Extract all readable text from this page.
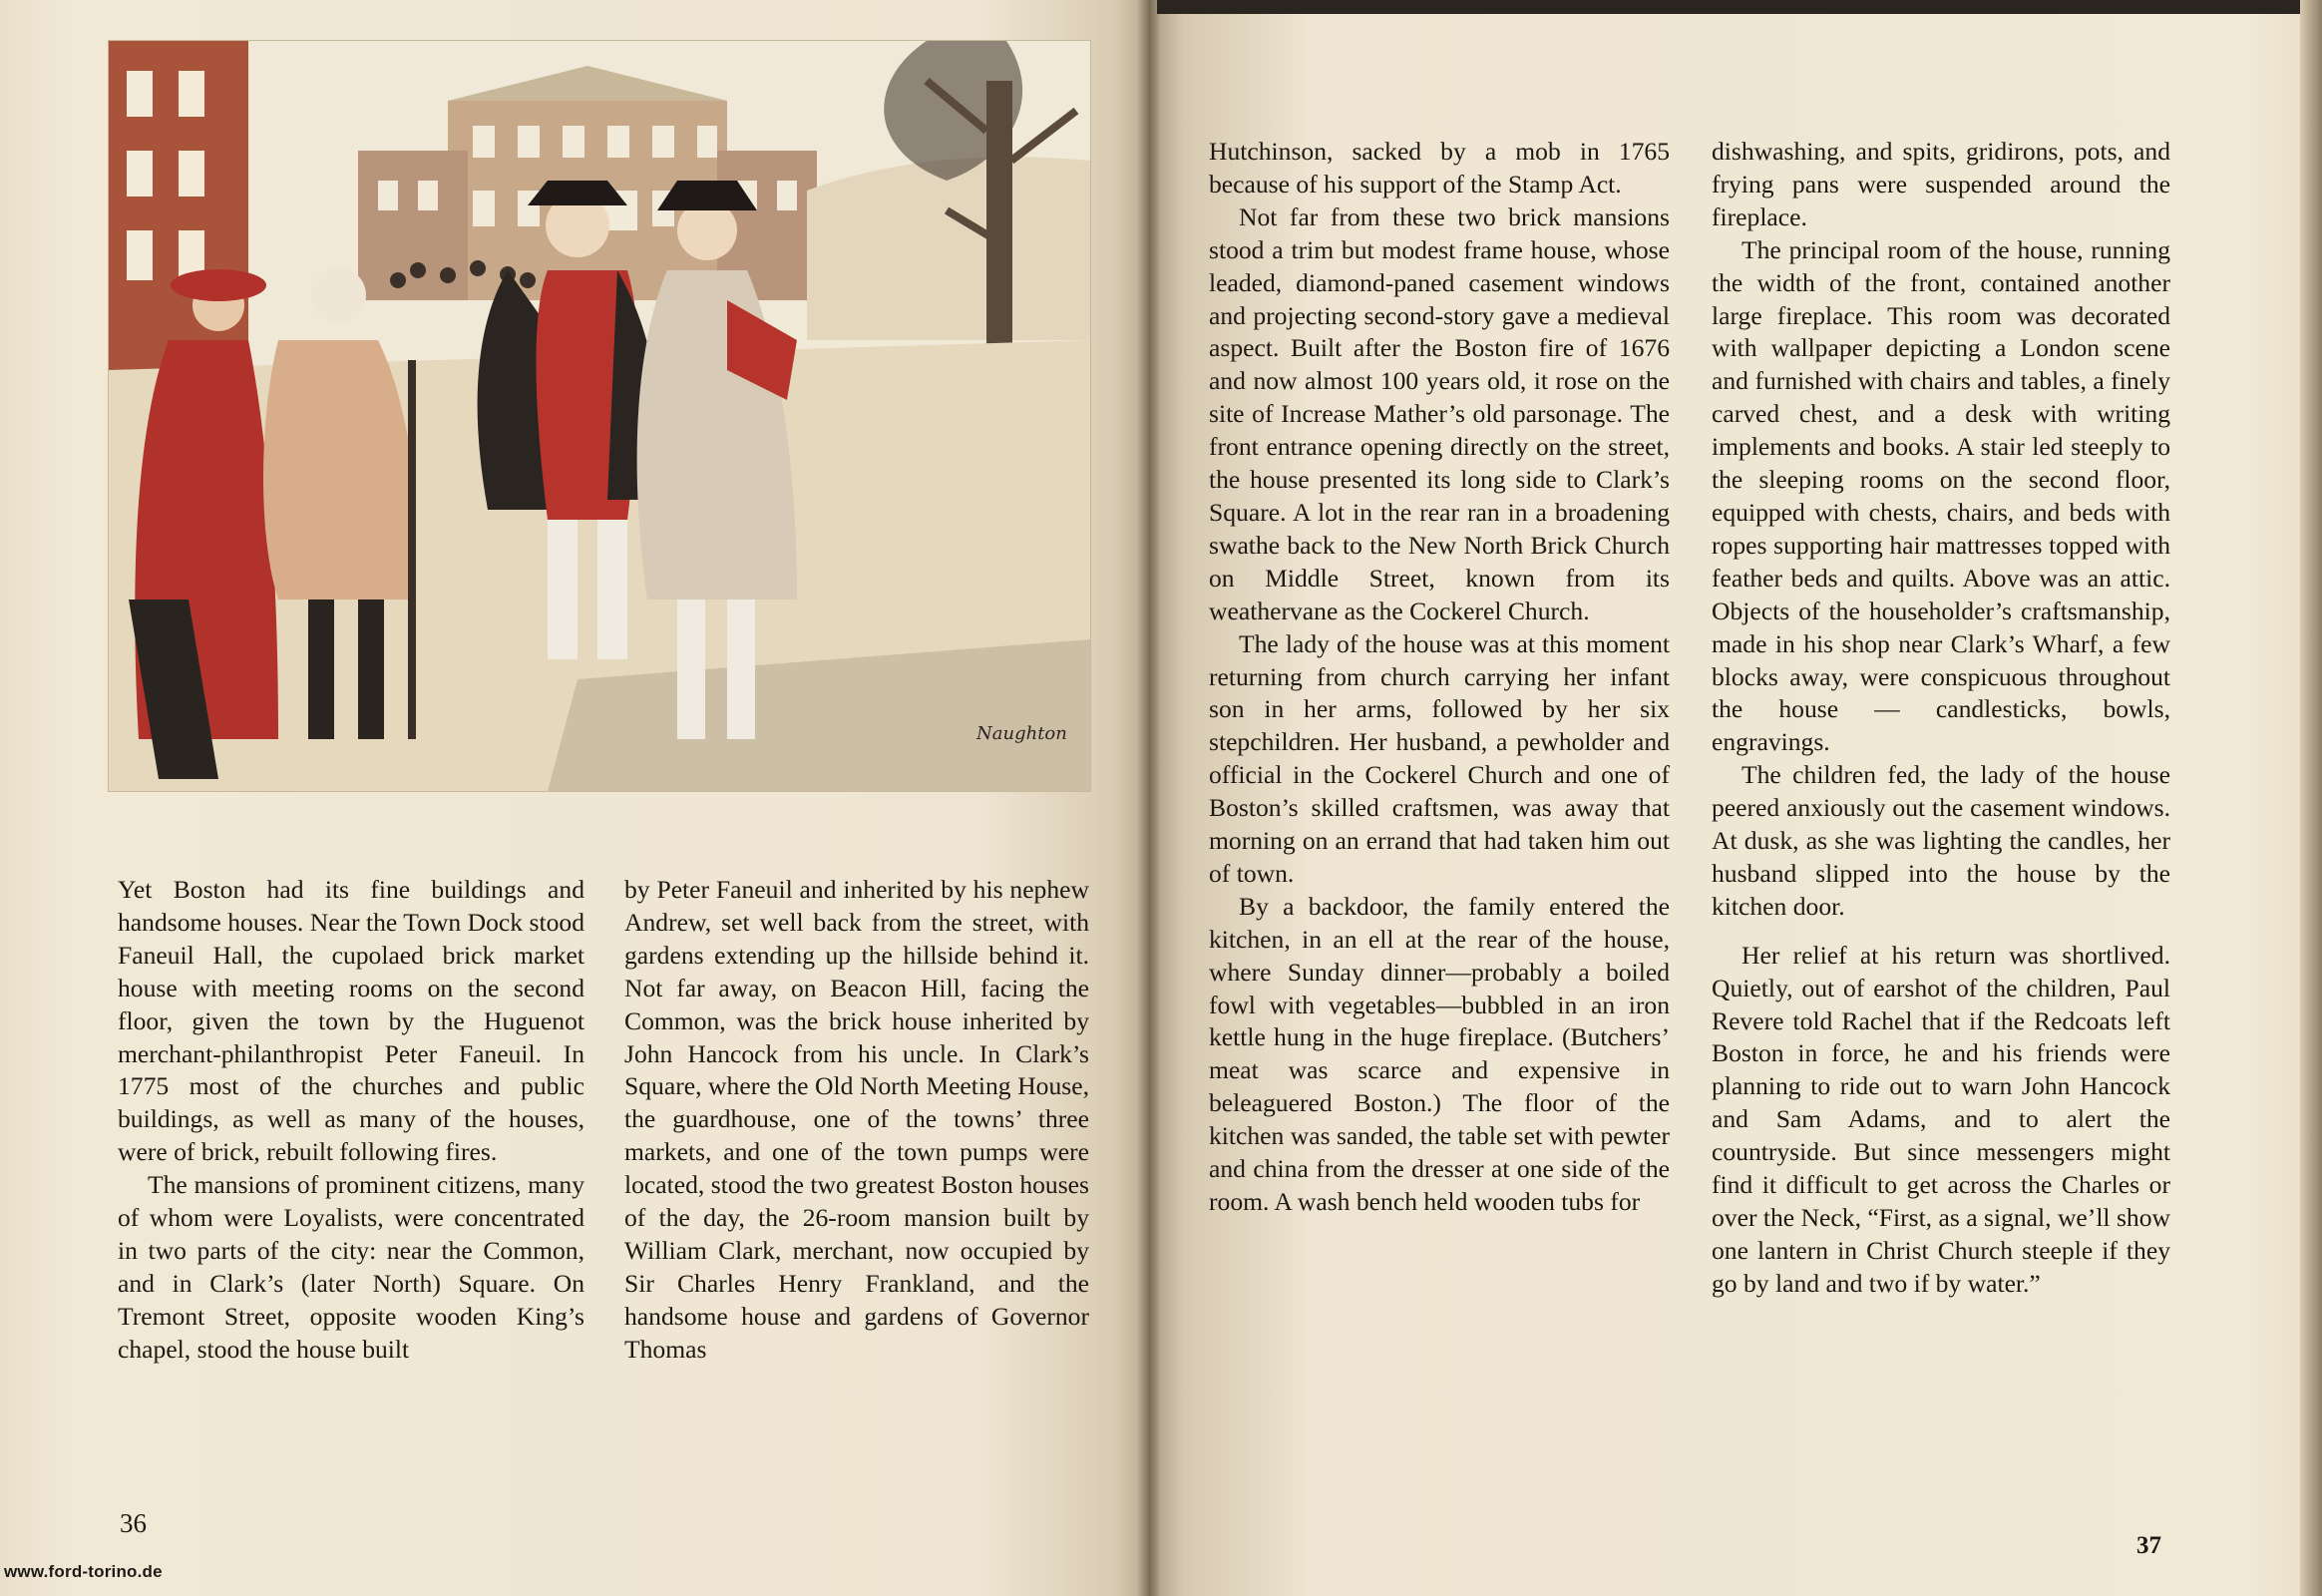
Naughton

Yet Boston had its fine buildings and handsome houses. Near the Town Dock stood Faneuil Hall, the cupolaed brick market house with meeting rooms on the second floor, given the town by the Huguenot merchant-philanthropist Peter Faneuil. In 1775 most of the churches and public buildings, as well as many of the houses, were of brick, rebuilt following fires.

The mansions of prominent citizens, many of whom were Loyalists, were concentrated in two parts of the city: near the Common, and in Clark’s (later North) Square. On Tremont Street, opposite wooden King’s chapel, stood the house built

by Peter Faneuil and inherited by his nephew Andrew, set well back from the street, with gardens extending up the hillside behind it. Not far away, on Beacon Hill, facing the Common, was the brick house inherited by John Hancock from his uncle. In Clark’s Square, where the Old North Meeting House, the guardhouse, one of the towns’ three markets, and one of the town pumps were located, stood the two greatest Boston houses of the day, the 26-room mansion built by William Clark, merchant, now occupied by Sir Charles Henry Frankland, and the handsome house and gardens of Governor Thomas

36
www.ford-torino.de

Hutchinson, sacked by a mob in 1765 because of his support of the Stamp Act.

Not far from these two brick mansions stood a trim but modest frame house, whose leaded, diamond-paned casement windows and projecting second-story gave a medieval aspect. Built after the Boston fire of 1676 and now almost 100 years old, it rose on the site of Increase Mather’s old parsonage. The front entrance opening directly on the street, the house presented its long side to Clark’s Square. A lot in the rear ran in a broadening swathe back to the New North Brick Church on Middle Street, known from its weathervane as the Cockerel Church.

The lady of the house was at this moment returning from church carrying her infant son in her arms, followed by her six stepchildren. Her husband, a pewholder and official in the Cockerel Church and one of Boston’s skilled craftsmen, was away that morning on an errand that had taken him out of town.

By a backdoor, the family entered the kitchen, in an ell at the rear of the house, where Sunday dinner—probably a boiled fowl with vegetables—bubbled in an iron kettle hung in the huge fireplace. (Butchers’ meat was scarce and expensive in beleaguered Boston.) The floor of the kitchen was sanded, the table set with pewter and china from the dresser at one side of the room. A wash bench held wooden tubs for

dishwashing, and spits, gridirons, pots, and frying pans were suspended around the fireplace.

The principal room of the house, running the width of the front, contained another large fireplace. This room was decorated with wallpaper depicting a London scene and furnished with chairs and tables, a finely carved chest, and a desk with writing implements and books. A stair led steeply to the sleeping rooms on the second floor, equipped with chests, chairs, and beds with ropes supporting hair mattresses topped with feather beds and quilts. Above was an attic. Objects of the householder’s craftsmanship, made in his shop near Clark’s Wharf, a few blocks away, were conspicuous throughout the house — candlesticks, bowls, engravings.

The children fed, the lady of the house peered anxiously out the casement windows. At dusk, as she was lighting the candles, her husband slipped into the house by the kitchen door.

Her relief at his return was shortlived. Quietly, out of earshot of the children, Paul Revere told Rachel that if the Redcoats left Boston in force, he and his friends were planning to ride out to warn John Hancock and Sam Adams, and to alert the countryside. But since messengers might find it difficult to get across the Charles or over the Neck, “First, as a signal, we’ll show one lantern in Christ Church steeple if they go by land and two if by water.”

37
